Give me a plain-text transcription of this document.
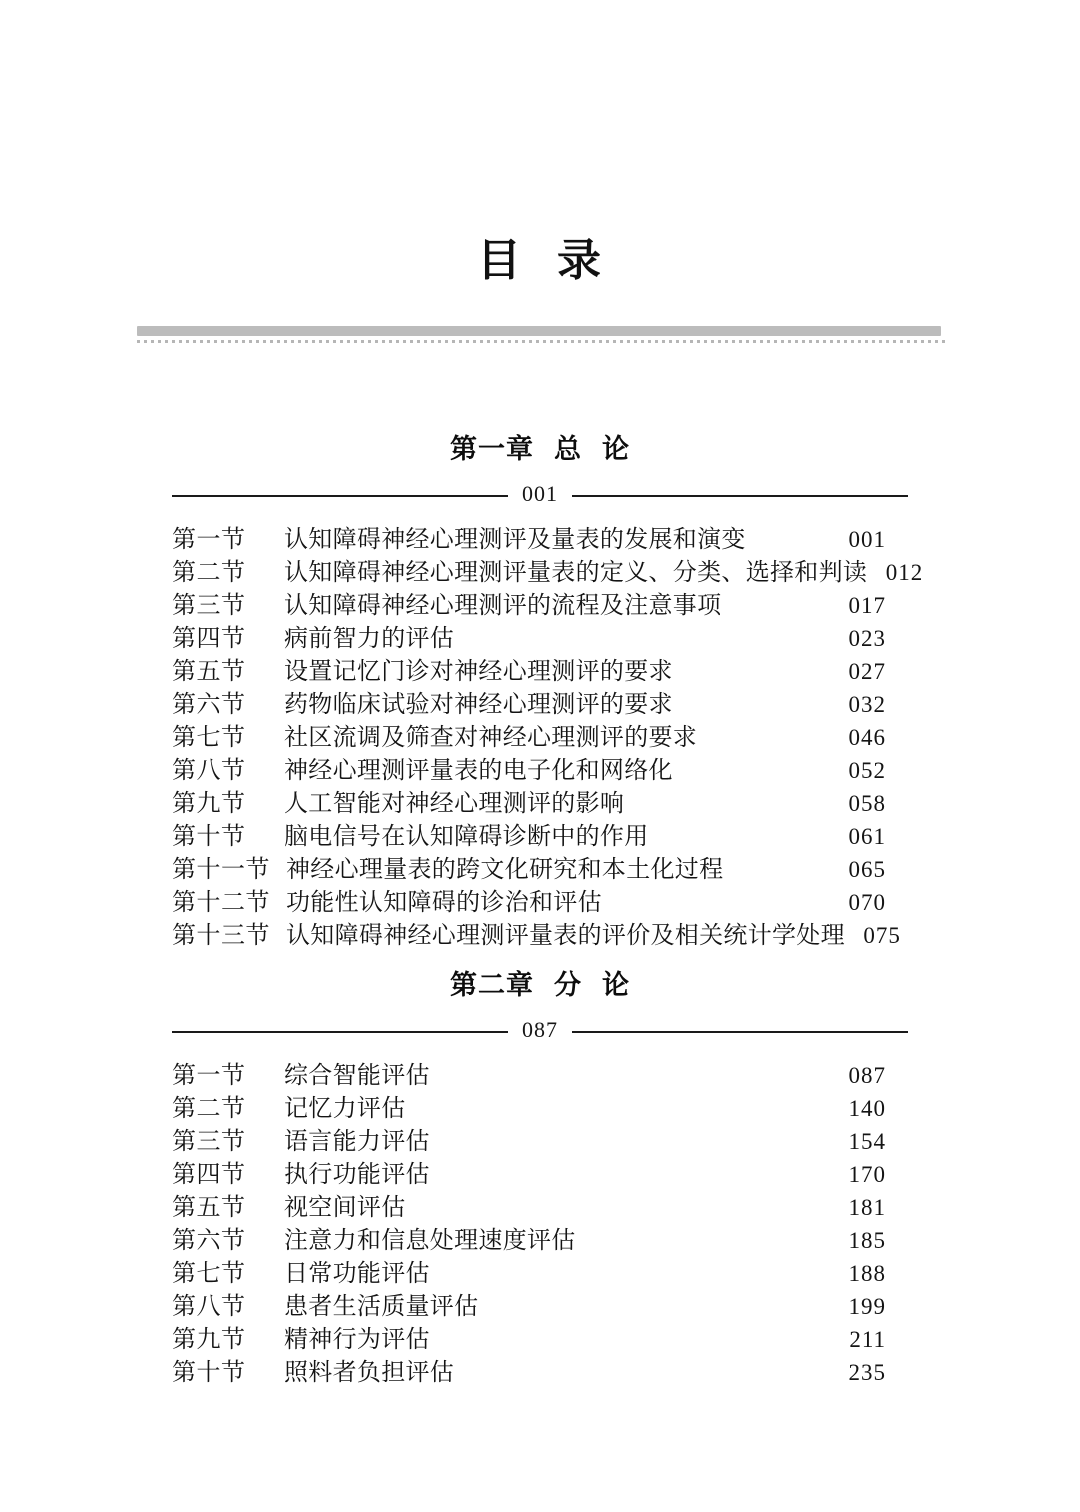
目 录
第一章 总 论
001
第一节	认知障碍神经心理测评及量表的发展和演变	001
第二节	认知障碍神经心理测评量表的定义、分类、选择和判读 012
第三节	认知障碍神经心理测评的流程及注意事项	017
第四节	病前智力的评估	023
第五节	设置记忆门诊对神经心理测评的要求	027
第六节	药物临床试验对神经心理测评的要求	032
第七节	社区流调及筛查对神经心理测评的要求	046
第八节	神经心理测评量表的电子化和网络化	052
第九节	人工智能对神经心理测评的影响	058
第十节	脑电信号在认知障碍诊断中的作用	061
第十一节 神经心理量表的跨文化研究和本土化过程	065
第十二节 功能性认知障碍的诊治和评估	070
第十三节 认知障碍神经心理测评量表的评价及相关统计学处理 075
第二章 分 论
087
第一节	综合智能评估	087
第二节	记忆力评估	140
第三节	语言能力评估	154
第四节	执行功能评估	170
第五节	视空间评估	181
第六节	注意力和信息处理速度评估	185
第七节	日常功能评估	188
第八节	患者生活质量评估	199
第九节	精神行为评估	211
第十节	照料者负担评估	235
